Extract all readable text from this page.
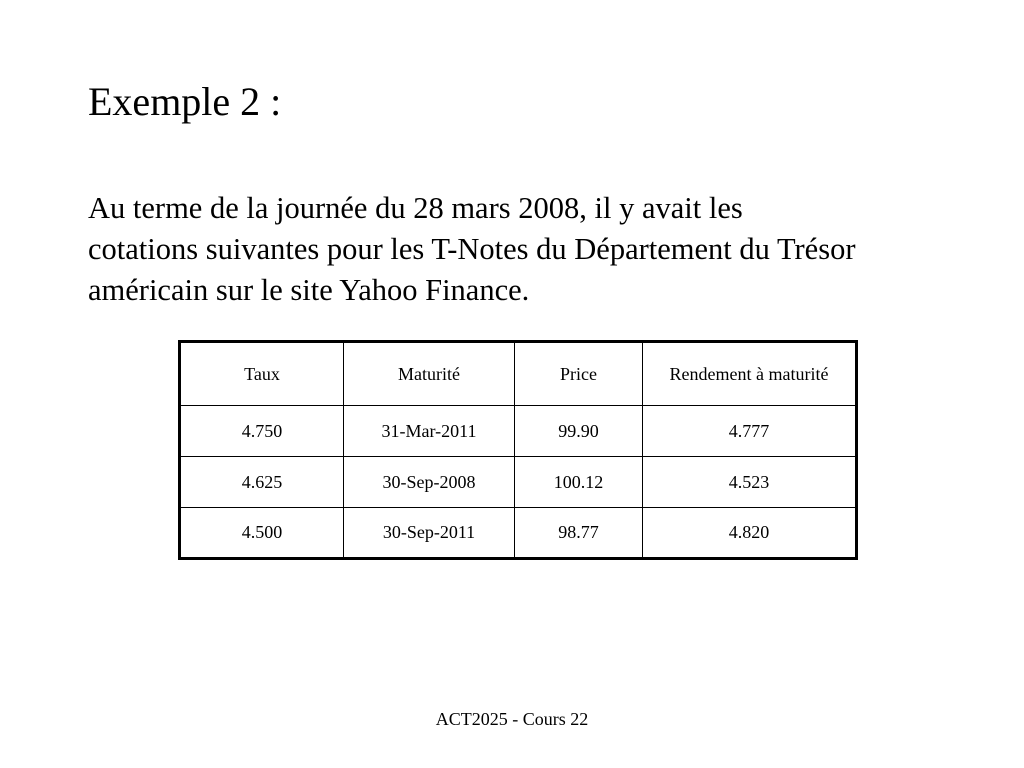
Exemple 2 :

Au terme de la journée du 28 mars 2008, il y avait les
cotations suivantes pour les T-Notes du Département du Trésor
américain sur le site Yahoo Finance.

Taux	Maturité	Price	Rendement à maturité
4.750	31-Mar-2011	99.90	4.777
4.625	30-Sep-2008	100.12	4.523
4.500	30-Sep-2011	98.77	4.820
ACT2025 - Cours 22
